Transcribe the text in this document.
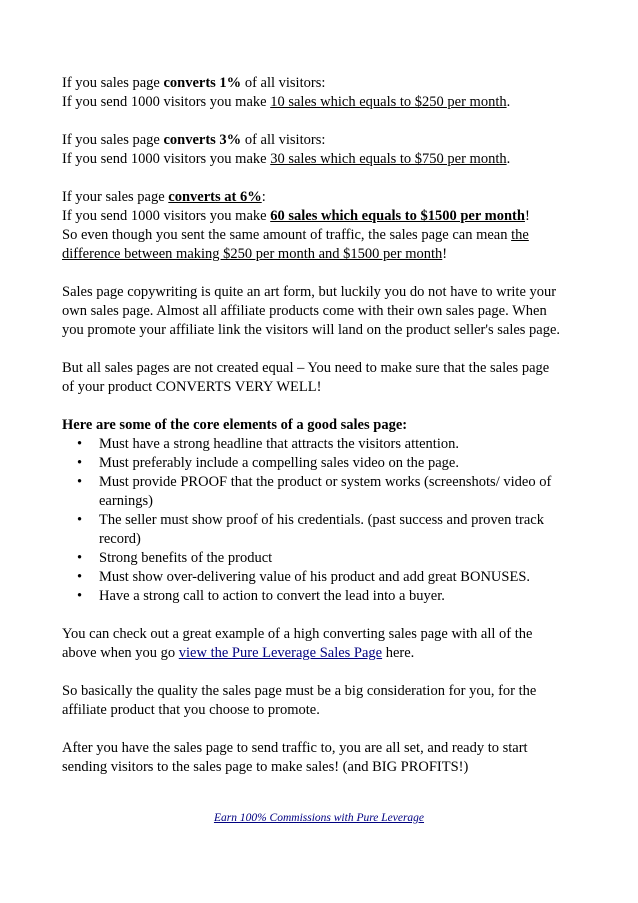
If you sales page converts 1% of all visitors:

If you send 1000 visitors you make 10 sales which equals to $250 per month.

If you sales page converts 3% of all visitors:

If you send 1000 visitors you make 30 sales which equals to $750 per month.

If your sales page converts at 6%:

If you send 1000 visitors you make 60 sales which equals to $1500 per month!

So even though you sent the same amount of traffic, the sales page can mean the

difference between making $250 per month and $1500 per month!

Sales page copywriting is quite an art form, but luckily you do not have to write your

own sales page. Almost all affiliate products come with their own sales page. When

you promote your affiliate link the visitors will land on the product seller's sales page.

But all sales pages are not created equal – You need to make sure that the sales page

of your product CONVERTS VERY WELL!

Here are some of the core elements of a good sales page:

• Must have a strong headline that attracts the visitors attention.
• Must preferably include a compelling sales video on the page.
• Must provide PROOF that the product or system works (screenshots/ video of
earnings)
• The seller must show proof of his credentials. (past success and proven track
record)
• Strong benefits of the product
• Must show over-delivering value of his product and add great BONUSES.
• Have a strong call to action to convert the lead into a buyer.

You can check out a great example of a high converting sales page with all of the

above when you go view the Pure Leverage Sales Page here.

So basically the quality the sales page must be a big consideration for you, for the

affiliate product that you choose to promote.

After you have the sales page to send traffic to, you are all set, and ready to start

sending visitors to the sales page to make sales! (and BIG PROFITS!)

Earn 100% Commissions with Pure Leverage
